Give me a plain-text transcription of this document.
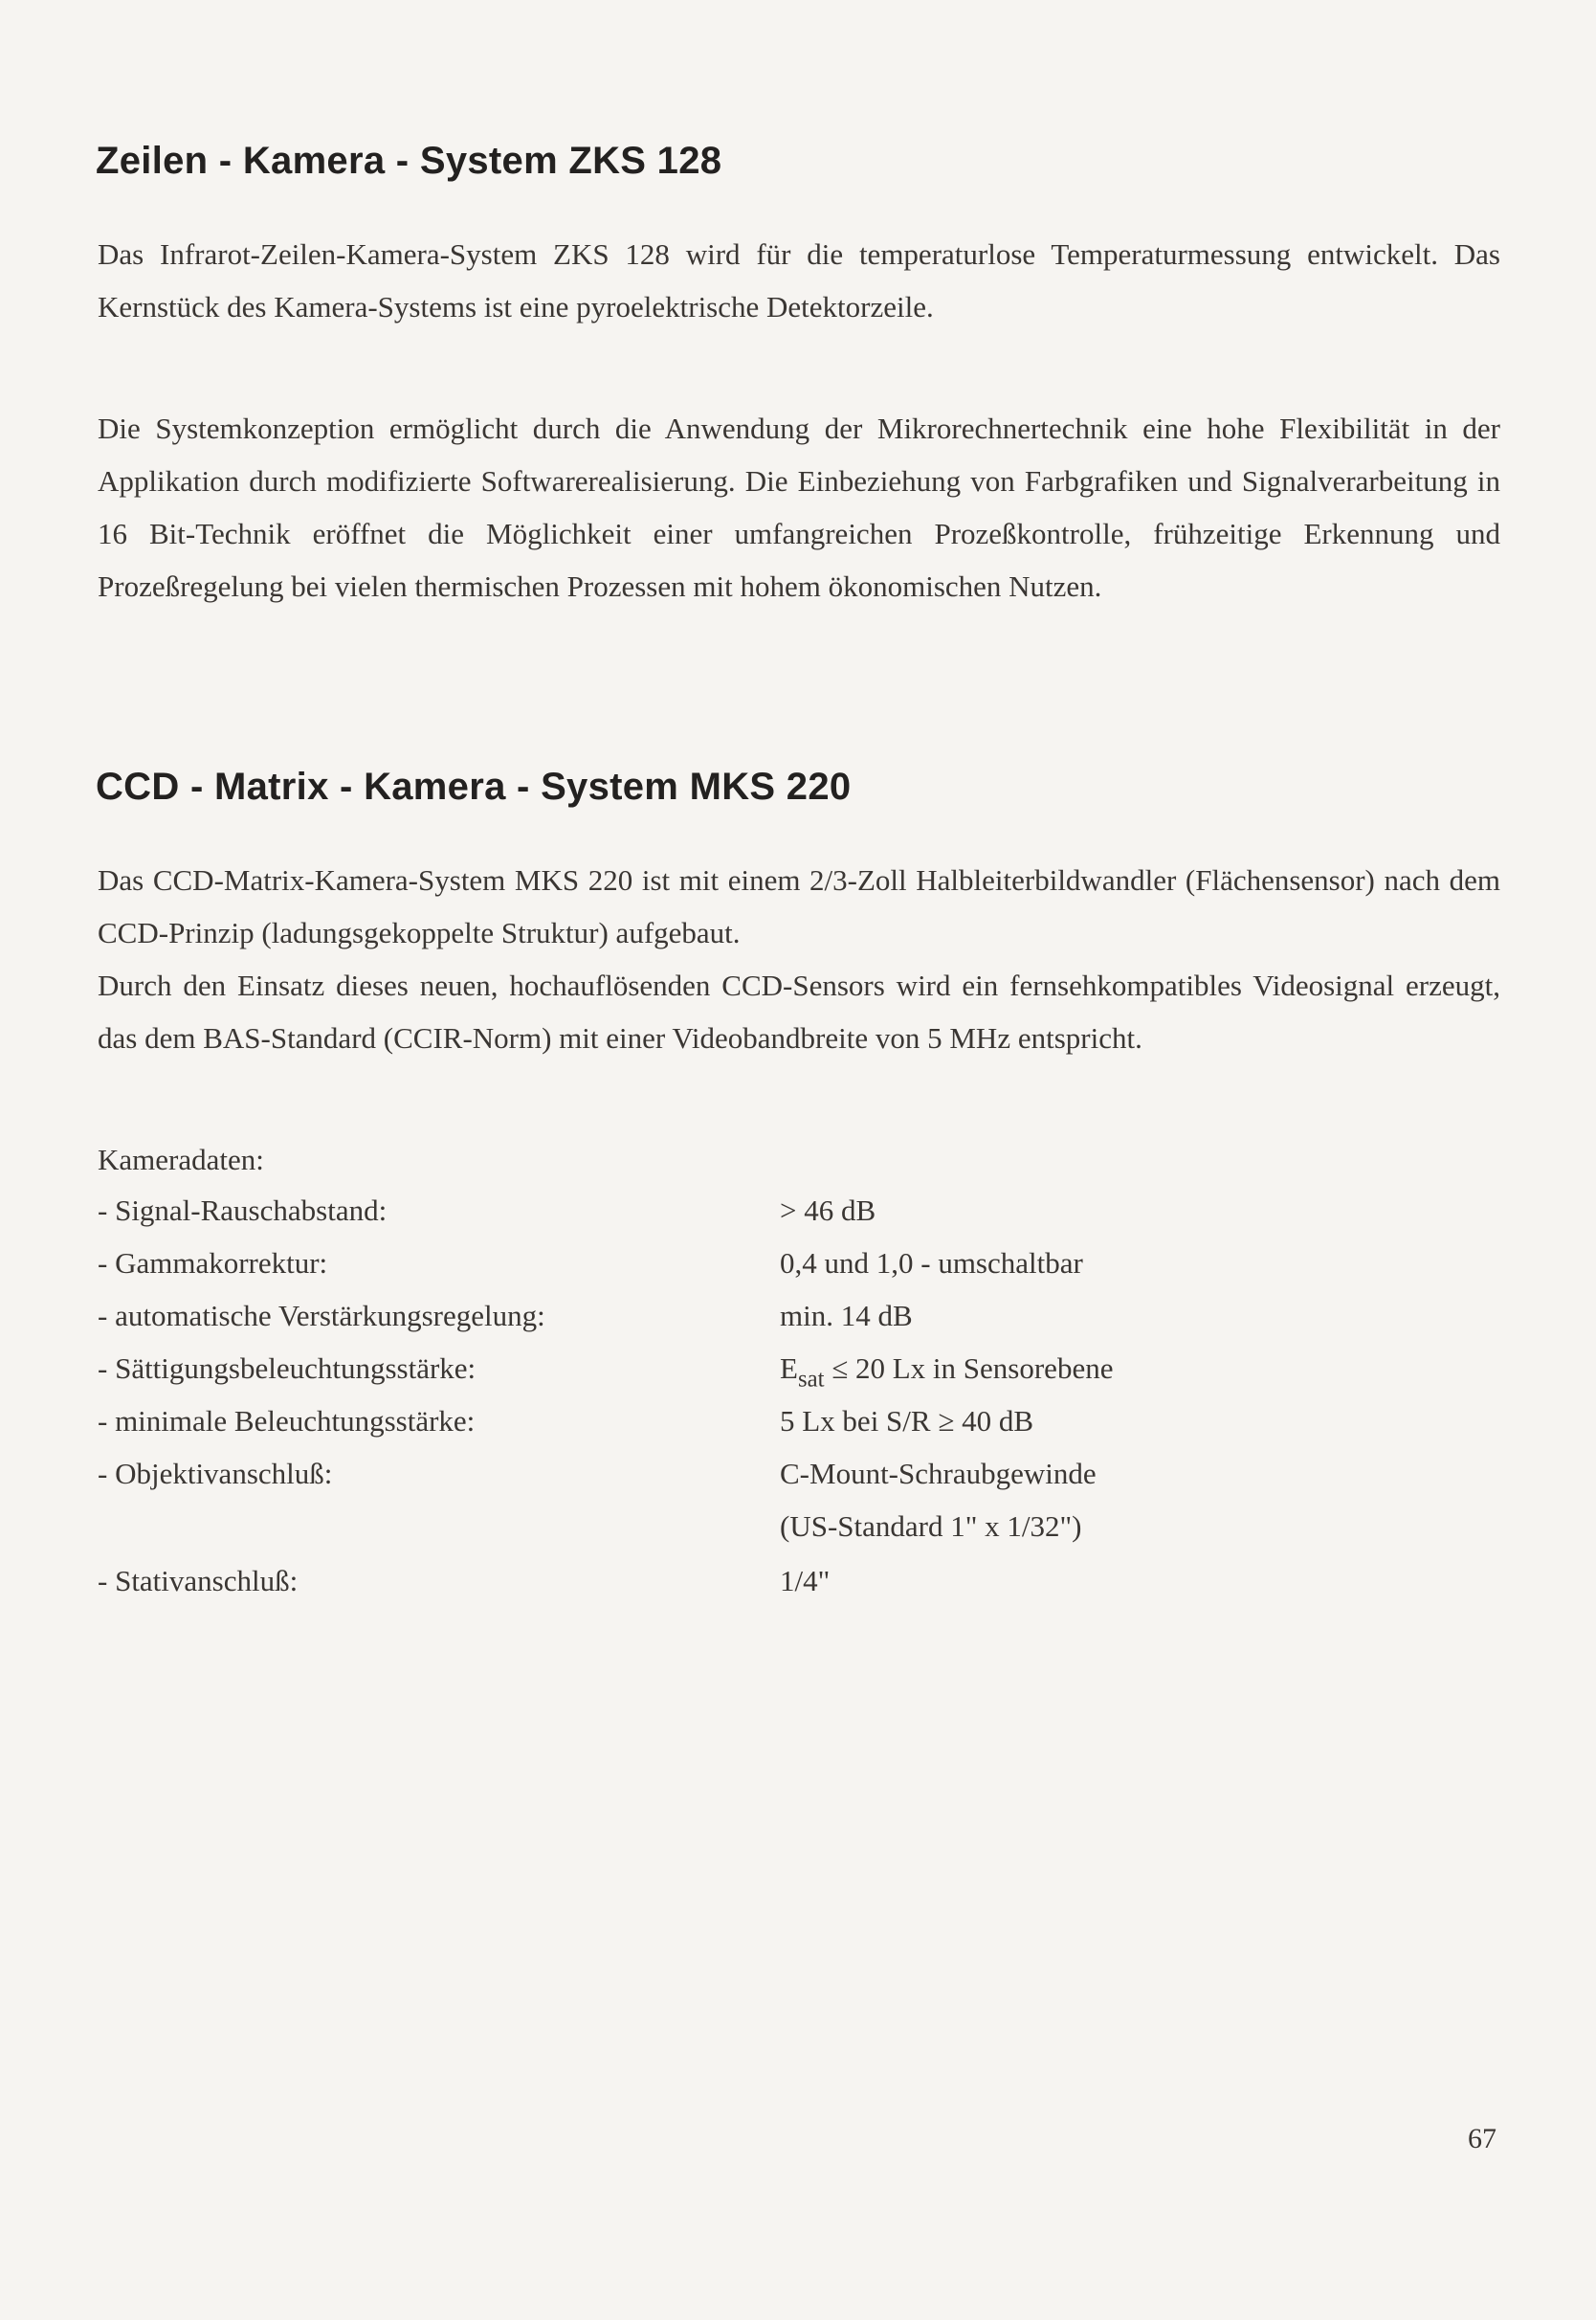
Zeilen - Kamera - System ZKS 128

Das Infrarot-Zeilen-Kamera-System ZKS 128 wird für die temperaturlose Temperaturmessung entwickelt. Das Kernstück des Kamera-Systems ist eine pyroelektrische Detektorzeile.

Die Systemkonzeption ermöglicht durch die Anwendung der Mikrorechnertechnik eine hohe Flexibilität in der Applikation durch modifizierte Softwarerealisierung. Die Einbeziehung von Farbgrafiken und Signalverarbeitung in 16 Bit-Technik eröffnet die Möglichkeit einer umfangreichen Prozeßkontrolle, frühzeitige Erkennung und Prozeßregelung bei vielen thermischen Prozessen mit hohem ökonomischen Nutzen.

CCD - Matrix - Kamera - System MKS 220

Das CCD-Matrix-Kamera-System MKS 220 ist mit einem 2/3-Zoll Halbleiterbildwandler (Flächensensor) nach dem CCD-Prinzip (ladungsgekoppelte Struktur) aufgebaut.

Durch den Einsatz dieses neuen, hochauflösenden CCD-Sensors wird ein fernsehkompatibles Videosignal erzeugt, das dem BAS-Standard (CCIR-Norm) mit einer Videobandbreite von 5 MHz entspricht.

Kameradaten:
- Signal-Rauschabstand:	> 46 dB
- Gammakorrektur:	0,4 und 1,0 - umschaltbar
- automatische Verstärkungsregelung:	min. 14 dB
- Sättigungsbeleuchtungsstärke:	$E_{sat} \le 20$ Lx in Sensorebene
- minimale Beleuchtungsstärke:	5 Lx bei S/R ≥ 40 dB
- Objektivanschluß:	C-Mount-Schraubgewinde
(US-Standard 1" x 1/32")
- Stativanschluß:	1/4"
67
